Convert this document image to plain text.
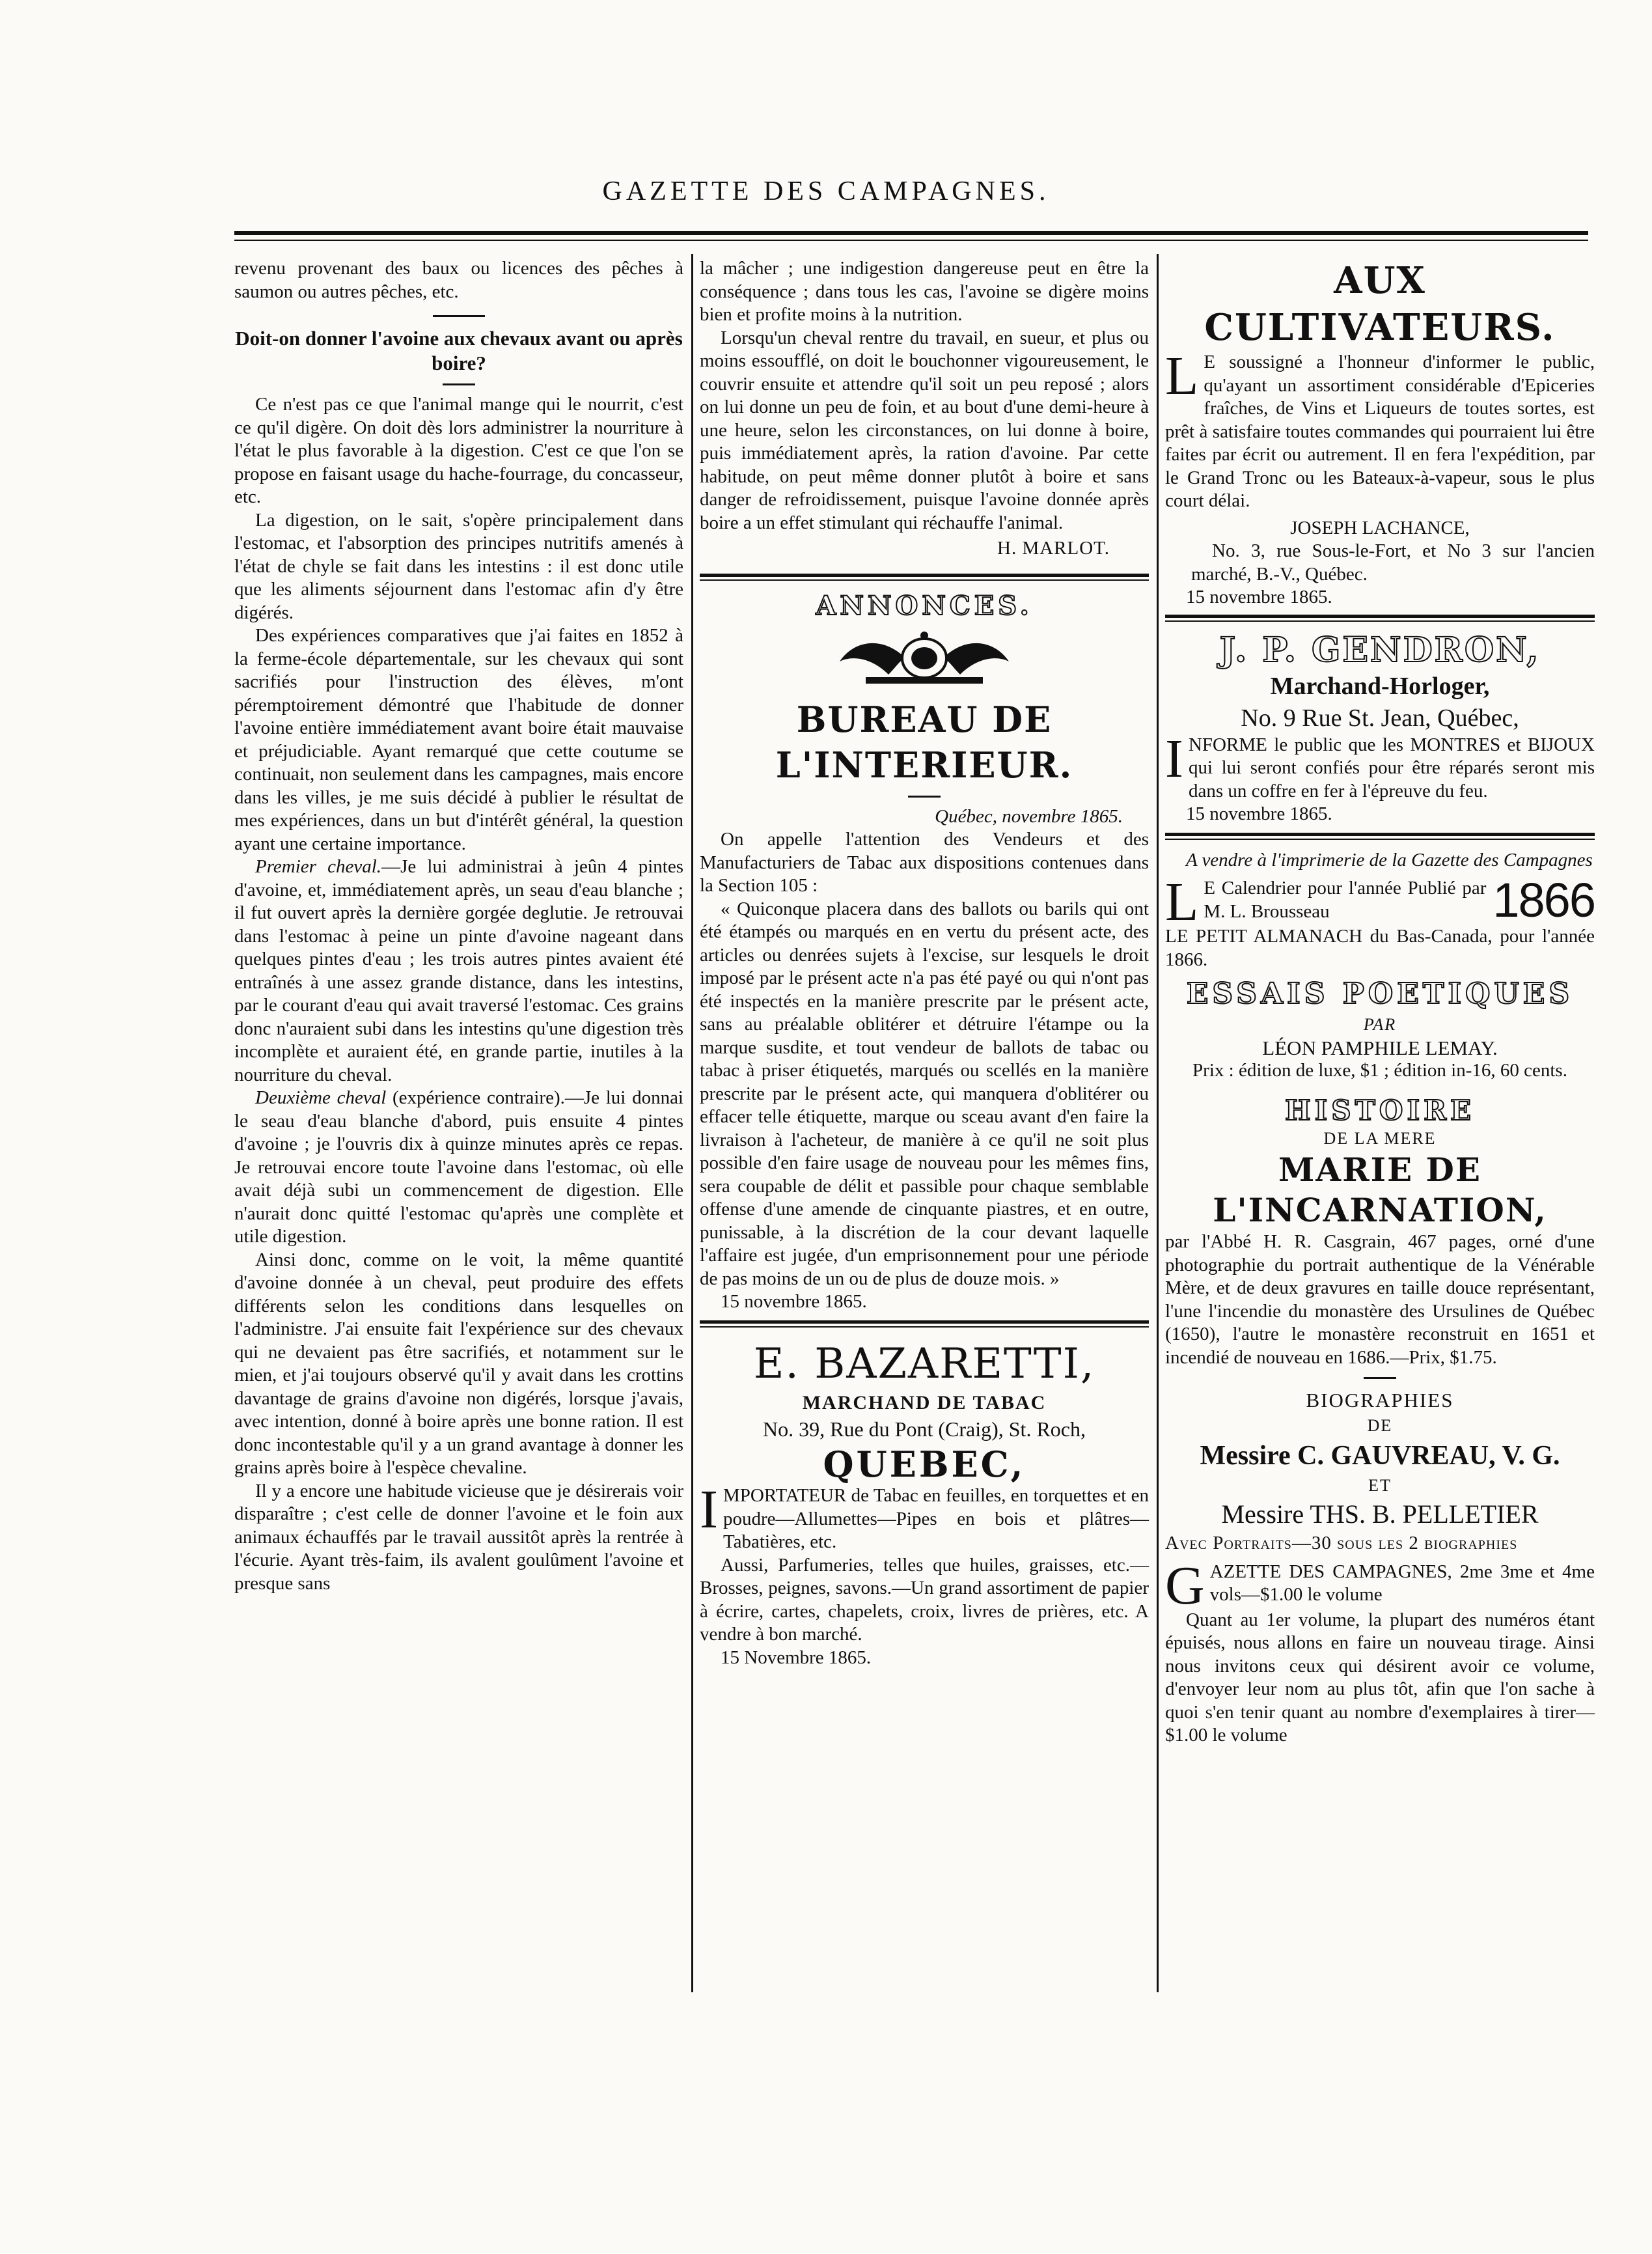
GAZETTE DES CAMPAGNES.

revenu provenant des baux ou licences des pêches à saumon ou autres pêches, etc.

Doit-on donner l'avoine aux chevaux avant ou après boire?

Ce n'est pas ce que l'animal mange qui le nourrit, c'est ce qu'il digère. On doit dès lors administrer la nourriture à l'état le plus favorable à la digestion. C'est ce que l'on se propose en faisant usage du hache-fourrage, du concasseur, etc.

La digestion, on le sait, s'opère principalement dans l'estomac, et l'absorption des principes nutritifs amenés à l'état de chyle se fait dans les intestins : il est donc utile que les aliments séjournent dans l'estomac afin d'y être digérés.

Des expériences comparatives que j'ai faites en 1852 à la ferme-école départementale, sur les chevaux qui sont sacrifiés pour l'instruction des élèves, m'ont péremptoirement démontré que l'habitude de donner l'avoine entière immédiatement avant boire était mauvaise et préjudiciable. Ayant remarqué que cette coutume se continuait, non seulement dans les campagnes, mais encore dans les villes, je me suis décidé à publier le résultat de mes expériences, dans un but d'intérêt général, la question ayant une certaine importance.

Premier cheval.—Je lui administrai à jeûn 4 pintes d'avoine, et, immédiatement après, un seau d'eau blanche ; il fut ouvert après la dernière gorgée deglutie. Je retrouvai dans l'estomac à peine un pinte d'avoine nageant dans quelques pintes d'eau ; les trois autres pintes avaient été entraînés à une assez grande distance, dans les intestins, par le courant d'eau qui avait traversé l'estomac. Ces grains donc n'auraient subi dans les intestins qu'une digestion très incomplète et auraient été, en grande partie, inutiles à la nourriture du cheval.

Deuxième cheval (expérience contraire).—Je lui donnai le seau d'eau blanche d'abord, puis ensuite 4 pintes d'avoine ; je l'ouvris dix à quinze minutes après ce repas. Je retrouvai encore toute l'avoine dans l'estomac, où elle avait déjà subi un commencement de digestion. Elle n'aurait donc quitté l'estomac qu'après une complète et utile digestion.

Ainsi donc, comme on le voit, la même quantité d'avoine donnée à un cheval, peut produire des effets différents selon les conditions dans lesquelles on l'administre. J'ai ensuite fait l'expérience sur des chevaux qui ne devaient pas être sacrifiés, et notamment sur le mien, et j'ai toujours observé qu'il y avait dans les crottins davantage de grains d'avoine non digérés, lorsque j'avais, avec intention, donné à boire après une bonne ration. Il est donc incontestable qu'il y a un grand avantage à donner les grains après boire à l'espèce chevaline.

Il y a encore une habitude vicieuse que je désirerais voir disparaître ; c'est celle de donner l'avoine et le foin aux animaux échauffés par le travail aussitôt après la rentrée à l'écurie. Ayant très-faim, ils avalent goulûment l'avoine et presque sans

la mâcher ; une indigestion dangereuse peut en être la conséquence ; dans tous les cas, l'avoine se digère moins bien et profite moins à la nutrition.

Lorsqu'un cheval rentre du travail, en sueur, et plus ou moins essoufflé, on doit le bouchonner vigoureusement, le couvrir ensuite et attendre qu'il soit un peu reposé ; alors on lui donne un peu de foin, et au bout d'une demi-heure à une heure, selon les circonstances, on lui donne à boire, puis immédiatement après, la ration d'avoine. Par cette habitude, on peut même donner plutôt à boire et sans danger de refroidissement, puisque l'avoine donnée après boire a un effet stimulant qui réchauffe l'animal.

H. MARLOT.

ANNONCES.

BUREAU DE L'INTERIEUR.

Québec, novembre 1865.

On appelle l'attention des Vendeurs et des Manufacturiers de Tabac aux dispositions contenues dans la Section 105 :

« Quiconque placera dans des ballots ou barils qui ont été étampés ou marqués en en vertu du présent acte, des articles ou denrées sujets à l'excise, sur lesquels le droit imposé par le présent acte n'a pas été payé ou qui n'ont pas été inspectés en la manière prescrite par le présent acte, sans au préalable oblitérer et détruire l'étampe ou la marque susdite, et tout vendeur de ballots de tabac ou tabac à priser étiquetés, marqués ou scellés en la manière prescrite par le présent acte, qui manquera d'oblitérer ou effacer telle étiquette, marque ou sceau avant d'en faire la livraison à l'acheteur, de manière à ce qu'il ne soit plus possible d'en faire usage de nouveau pour les mêmes fins, sera coupable de délit et passible pour chaque semblable offense d'une amende de cinquante piastres, et en outre, punissable, à la discrétion de la cour devant laquelle l'affaire est jugée, d'un emprisonnement pour une période de pas moins de un ou de plus de douze mois. »

15 novembre 1865.

E. BAZARETTI,

MARCHAND DE TABAC

No. 39, Rue du Pont (Craig), St. Roch,

QUEBEC,

IMPORTATEUR de Tabac en feuilles, en torquettes et en poudre—Allumettes—Pipes en bois et plâtres—Tabatières, etc.

Aussi, Parfumeries, telles que huiles, graisses, etc.—Brosses, peignes, savons.—Un grand assortiment de papier à écrire, cartes, chapelets, croix, livres de prières, etc. A vendre à bon marché.

15 Novembre 1865.

AUX CULTIVATEURS.

L E soussigné a l'honneur d'informer le public, qu'ayant un assortiment considérable d'Epiceries fraîches, de Vins et Liqueurs de toutes sortes, est prêt à satisfaire toutes commandes qui pourraient lui être faites par écrit ou autrement. Il en fera l'expédition, par le Grand Tronc ou les Bateaux-à-vapeur, sous le plus court délai.

JOSEPH LACHANCE,

No. 3, rue Sous-le-Fort, et No 3 sur l'ancien marché, B.-V., Québec.

15 novembre 1865.

J. P. GENDRON,

Marchand-Horloger,

No. 9 Rue St. Jean, Québec,

INFORME le public que les MONTRES et BIJOUX qui lui seront confiés pour être réparés seront mis dans un coffre en fer à l'épreuve du feu.

15 novembre 1865.

A vendre à l'imprimerie de la Gazette des Campagnes

L	1866
E Calendrier pour l'année Publié par M. L. Brousseau

LE PETIT ALMANACH du Bas-Canada, pour l'année 1866.

ESSAIS POETIQUES

PAR

LÉON PAMPHILE LEMAY.

Prix : édition de luxe, $1 ; édition in-16, 60 cents.

HISTOIRE

DE LA MERE

MARIE DE L'INCARNATION,

par l'Abbé H. R. Casgrain, 467 pages, orné d'une photographie du portrait authentique de la Vénérable Mère, et de deux gravures en taille douce représentant, l'une l'incendie du monastère des Ursulines de Québec (1650), l'autre le monastère reconstruit en 1651 et incendié de nouveau en 1686.—Prix, $1.75.

BIOGRAPHIES

DE

Messire C. GAUVREAU, V. G.

ET

Messire THS. B. PELLETIER

Avec Portraits—30 sous les 2 biographies

GAZETTE DES CAMPAGNES, 2me 3me et 4me vols—$1.00 le volume

Quant au 1er volume, la plupart des numéros étant épuisés, nous allons en faire un nouveau tirage. Ainsi nous invitons ceux qui désirent avoir ce volume, d'envoyer leur nom au plus tôt, afin que l'on sache à quoi s'en tenir quant au nombre d'exemplaires à tirer—$1.00 le volume
